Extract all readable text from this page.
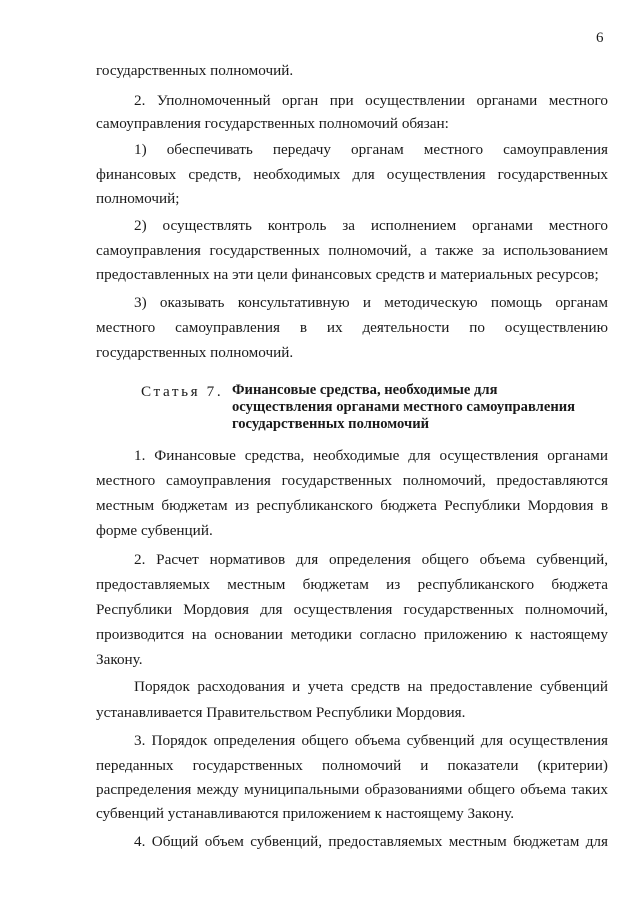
6
государственных полномочий.
2. Уполномоченный орган при осуществлении органами местного
самоуправления государственных полномочий обязан:
1) обеспечивать передачу органам местного самоуправления
финансовых средств, необходимых для осуществления государственных
полномочий;
2) осуществлять контроль за исполнением органами местного
самоуправления государственных полномочий, а также за использованием
предоставленных на эти цели финансовых средств и материальных ресурсов;
3) оказывать консультативную и методическую помощь органам
местного самоуправления в их деятельности по осуществлению
государственных полномочий.
Статья 7. Финансовые средства, необходимые для
осуществления органами местного самоуправления
государственных полномочий
1. Финансовые средства, необходимые для осуществления органами
местного самоуправления государственных полномочий, предоставляются
местным бюджетам из республиканского бюджета Республики Мордовия в
форме субвенций.
2. Расчет нормативов для определения общего объема субвенций,
предоставляемых местным бюджетам из республиканского бюджета
Республики Мордовия для осуществления государственных полномочий,
производится на основании методики согласно приложению к настоящему
Закону.
Порядок расходования и учета средств на предоставление субвенций
устанавливается Правительством Республики Мордовия.
3. Порядок определения общего объема субвенций для осуществления
переданных государственных полномочий и показатели (критерии)
распределения между муниципальными образованиями общего объема таких
субвенций устанавливаются приложением к настоящему Закону.
4. Общий объем субвенций, предоставляемых местным бюджетам для
